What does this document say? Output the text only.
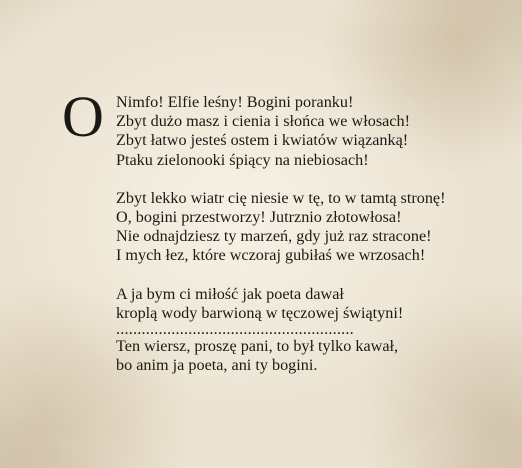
O Nimfo! Elfie leśny! Bogini poranku!
Zbyt dużo masz i cienia i słońca we włosach!
Zbyt łatwo jesteś ostem i kwiatów wiązanką!
Ptaku zielonooki śpiący na niebiosach!
Zbyt lekko wiatr cię niesie w tę, to w tamtą stronę!
O, bogini przestworzy! Jutrznio złotowłosa!
Nie odnajdziesz ty marzeń, gdy już raz stracone!
I mych łez, które wczoraj gubiłaś we wrzosach!
A ja bym ci miłość jak poeta dawał
kroplą wody barwioną w tęczowej świątyni!
........................................................
Ten wiersz, proszę pani, to był tylko kawał,
bo anim ja poeta, ani ty bogini.
